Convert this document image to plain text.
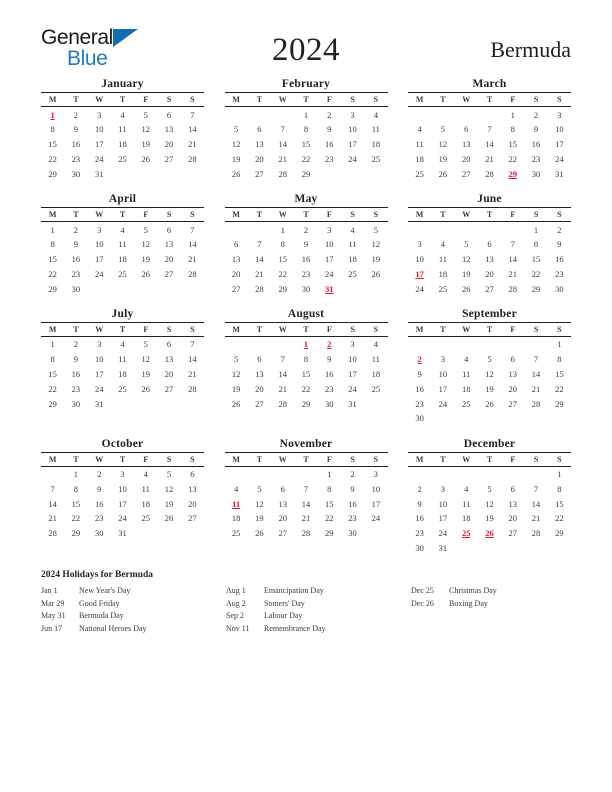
General
Blue	2024	Bermuda
January
M	T	W	T	F	S	S
1	2	3	4	5	6	7
8	9	10	11	12	13	14
15	16	17	18	19	20	21
22	23	24	25	26	27	28
29	30	31				
February
M	T	W	T	F	S	S
			1	2	3	4
5	6	7	8	9	10	11
12	13	14	15	16	17	18
19	20	21	22	23	24	25
26	27	28	29			
March
M	T	W	T	F	S	S
				1	2	3
4	5	6	7	8	9	10
11	12	13	14	15	16	17
18	19	20	21	22	23	24
25	26	27	28	29	30	31
April
M	T	W	T	F	S	S
1	2	3	4	5	6	7
8	9	10	11	12	13	14
15	16	17	18	19	20	21
22	23	24	25	26	27	28
29	30					
May
M	T	W	T	F	S	S
		1	2	3	4	5
6	7	8	9	10	11	12
13	14	15	16	17	18	19
20	21	22	23	24	25	26
27	28	29	30	31		
June
M	T	W	T	F	S	S
					1	2
3	4	5	6	7	8	9
10	11	12	13	14	15	16
17	18	19	20	21	22	23
24	25	26	27	28	29	30
July
M	T	W	T	F	S	S
1	2	3	4	5	6	7
8	9	10	11	12	13	14
15	16	17	18	19	20	21
22	23	24	25	26	27	28
29	30	31				
August
M	T	W	T	F	S	S
			1	2	3	4
5	6	7	8	9	10	11
12	13	14	15	16	17	18
19	20	21	22	23	24	25
26	27	28	29	30	31	
September
M	T	W	T	F	S	S
						1
2	3	4	5	6	7	8
9	10	11	12	13	14	15
16	17	18	19	20	21	22
23	24	25	26	27	28	29
30						
October
M	T	W	T	F	S	S
	1	2	3	4	5	6
7	8	9	10	11	12	13
14	15	16	17	18	19	20
21	22	23	24	25	26	27
28	29	30	31			
November
M	T	W	T	F	S	S
				1	2	3
4	5	6	7	8	9	10
11	12	13	14	15	16	17
18	19	20	21	22	23	24
25	26	27	28	29	30	
December
M	T	W	T	F	S	S
						1
2	3	4	5	6	7	8
9	10	11	12	13	14	15
16	17	18	19	20	21	22
23	24	25	26	27	28	29
30	31					
2024 Holidays for Bermuda
Jan 1	New Year's Day
Mar 29	Good Friday
May 31	Bermuda Day
Jun 17	National Heroes Day
Aug 1	Emancipation Day
Aug 2	Somers' Day
Sep 2	Labour Day
Nov 11	Remembrance Day
Dec 25	Christmas Day
Dec 26	Boxing Day
